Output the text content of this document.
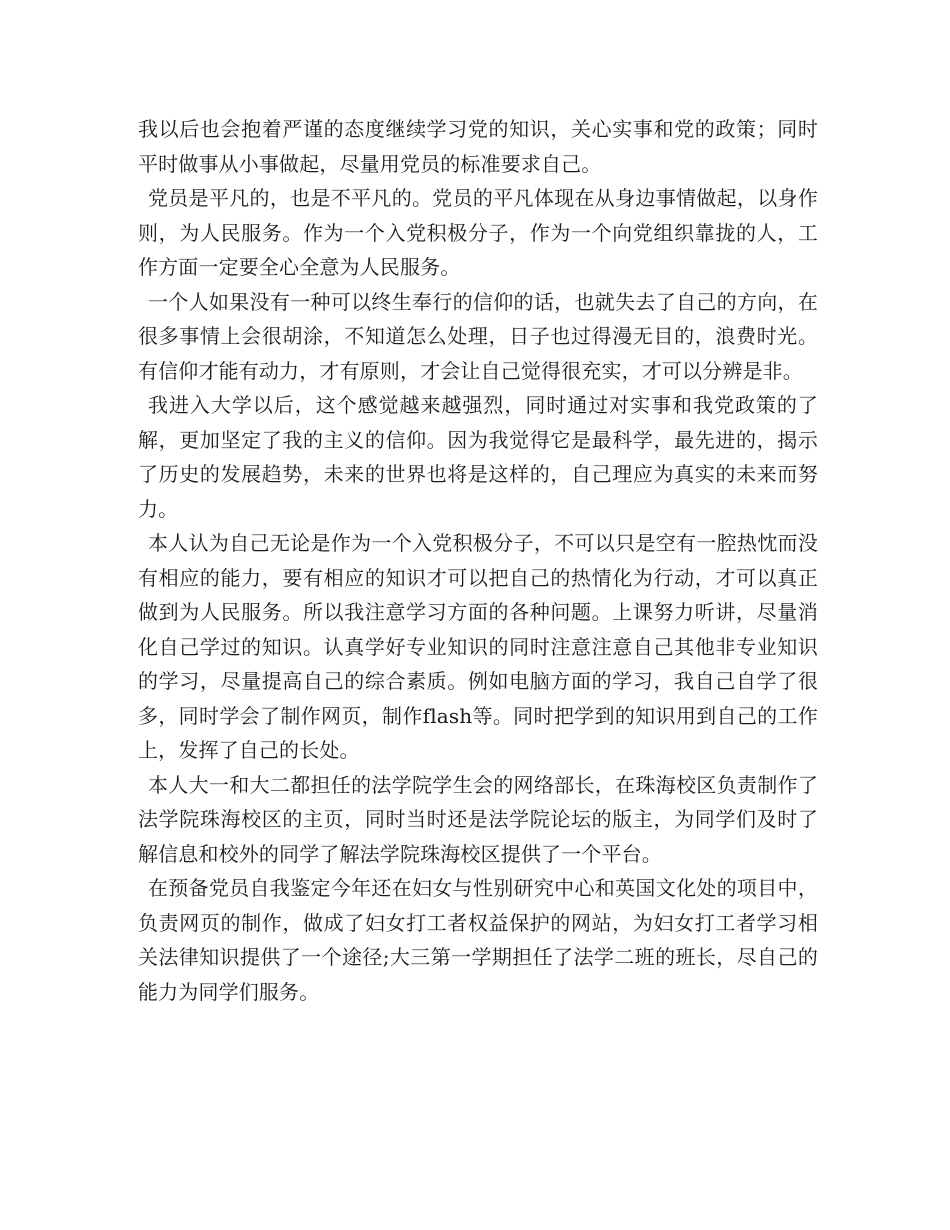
我以后也会抱着严谨的态度继续学习党的知识，关心实事和党的政策；同时平时做事从小事做起，尽量用党员的标准要求自己。

党员是平凡的，也是不平凡的。党员的平凡体现在从身边事情做起，以身作则，为人民服务。作为一个入党积极分子，作为一个向党组织靠拢的人，工作方面一定要全心全意为人民服务。

一个人如果没有一种可以终生奉行的信仰的话，也就失去了自己的方向，在很多事情上会很胡涂，不知道怎么处理，日子也过得漫无目的，浪费时光。有信仰才能有动力，才有原则，才会让自己觉得很充实，才可以分辨是非。

我进入大学以后，这个感觉越来越强烈，同时通过对实事和我党政策的了解，更加坚定了我的主义的信仰。因为我觉得它是最科学，最先进的，揭示了历史的发展趋势，未来的世界也将是这样的，自己理应为真实的未来而努力。

本人认为自己无论是作为一个入党积极分子，不可以只是空有一腔热忱而没有相应的能力，要有相应的知识才可以把自己的热情化为行动，才可以真正做到为人民服务。所以我注意学习方面的各种问题。上课努力听讲，尽量消化自己学过的知识。认真学好专业知识的同时注意注意自己其他非专业知识的学习，尽量提高自己的综合素质。例如电脑方面的学习，我自己自学了很多，同时学会了制作网页，制作flash等。同时把学到的知识用到自己的工作上，发挥了自己的长处。

本人大一和大二都担任的法学院学生会的网络部长，在珠海校区负责制作了法学院珠海校区的主页，同时当时还是法学院论坛的版主，为同学们及时了解信息和校外的同学了解法学院珠海校区提供了一个平台。

在预备党员自我鉴定今年还在妇女与性别研究中心和英国文化处的项目中，负责网页的制作，做成了妇女打工者权益保护的网站，为妇女打工者学习相关法律知识提供了一个途径;大三第一学期担任了法学二班的班长，尽自己的能力为同学们服务。
